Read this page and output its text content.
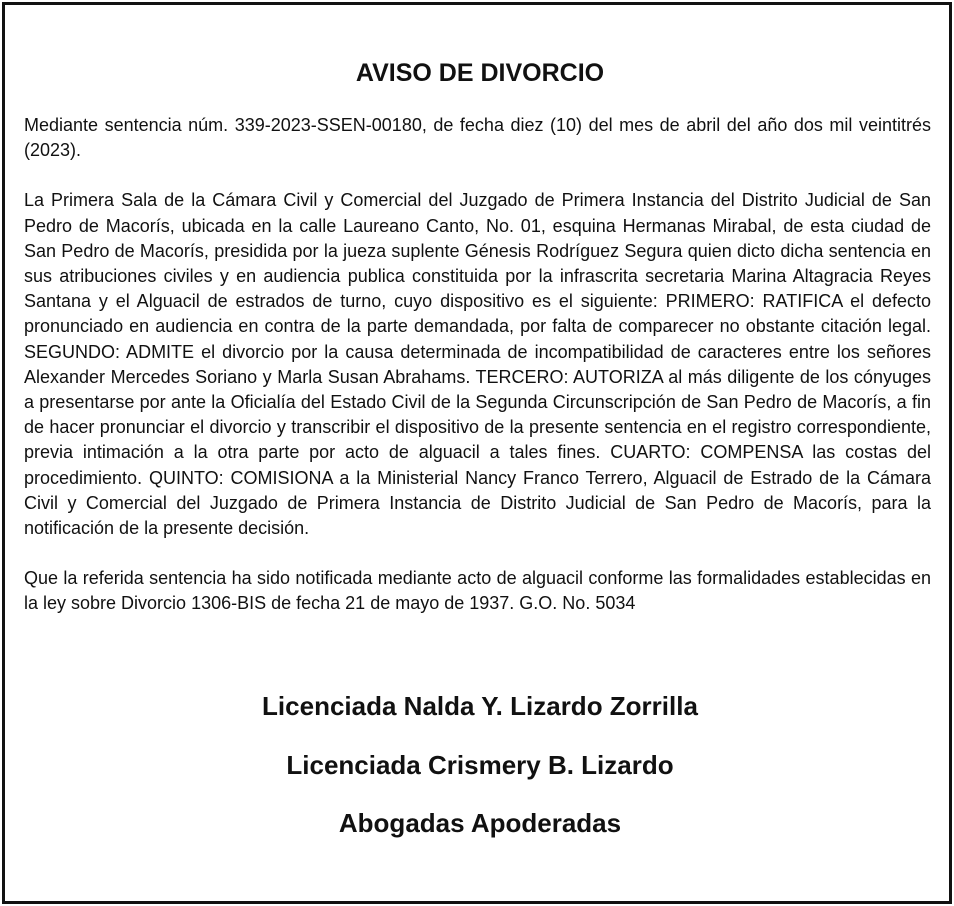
AVISO DE DIVORCIO

Mediante sentencia núm. 339-2023-SSEN-00180, de fecha diez (10) del mes de abril del año dos mil veintitrés (2023).

La Primera Sala de la Cámara Civil y Comercial del Juzgado de Primera Instancia del Distrito Judicial de San Pedro de Macorís, ubicada en la calle Laureano Canto, No. 01, esquina Hermanas Mirabal, de esta ciudad de San Pedro de Macorís, presidida por la jueza suplente Génesis Rodríguez Segura quien dicto dicha sentencia en sus atribuciones civiles y en audiencia publica constituida por la infrascrita secretaria Marina Altagracia Reyes Santana y el Alguacil de estrados de turno, cuyo dispositivo es el siguiente: PRIMERO: RATIFICA el defecto pronunciado en audiencia en contra de la parte demandada, por falta de comparecer no obstante citación legal. SEGUNDO: ADMITE el divorcio por la causa determinada de incompatibilidad de caracteres entre los señores Alexander Mercedes Soriano y Marla Susan Abrahams. TERCERO: AUTORIZA al más diligente de los cónyuges a presentarse por ante la Oficialía del Estado Civil de la Segunda Circunscripción de San Pedro de Macorís, a fin de hacer pronunciar el divorcio y transcribir el dispositivo de la presente sentencia en el registro correspondiente, previa intimación a la otra parte por acto de alguacil a tales fines. CUARTO: COMPENSA las costas del procedimiento. QUINTO: COMISIONA a la Ministerial Nancy Franco Terrero, Alguacil de Estrado de la Cámara Civil y Comercial del Juzgado de Primera Instancia de Distrito Judicial de San Pedro de Macorís, para la notificación de la presente decisión.

Que la referida sentencia ha sido notificada mediante acto de alguacil conforme las formalidades establecidas en la ley sobre Divorcio 1306-BIS de fecha 21 de mayo de 1937. G.O. No. 5034

Licenciada Nalda Y. Lizardo Zorrilla
Licenciada Crismery B. Lizardo
Abogadas Apoderadas
